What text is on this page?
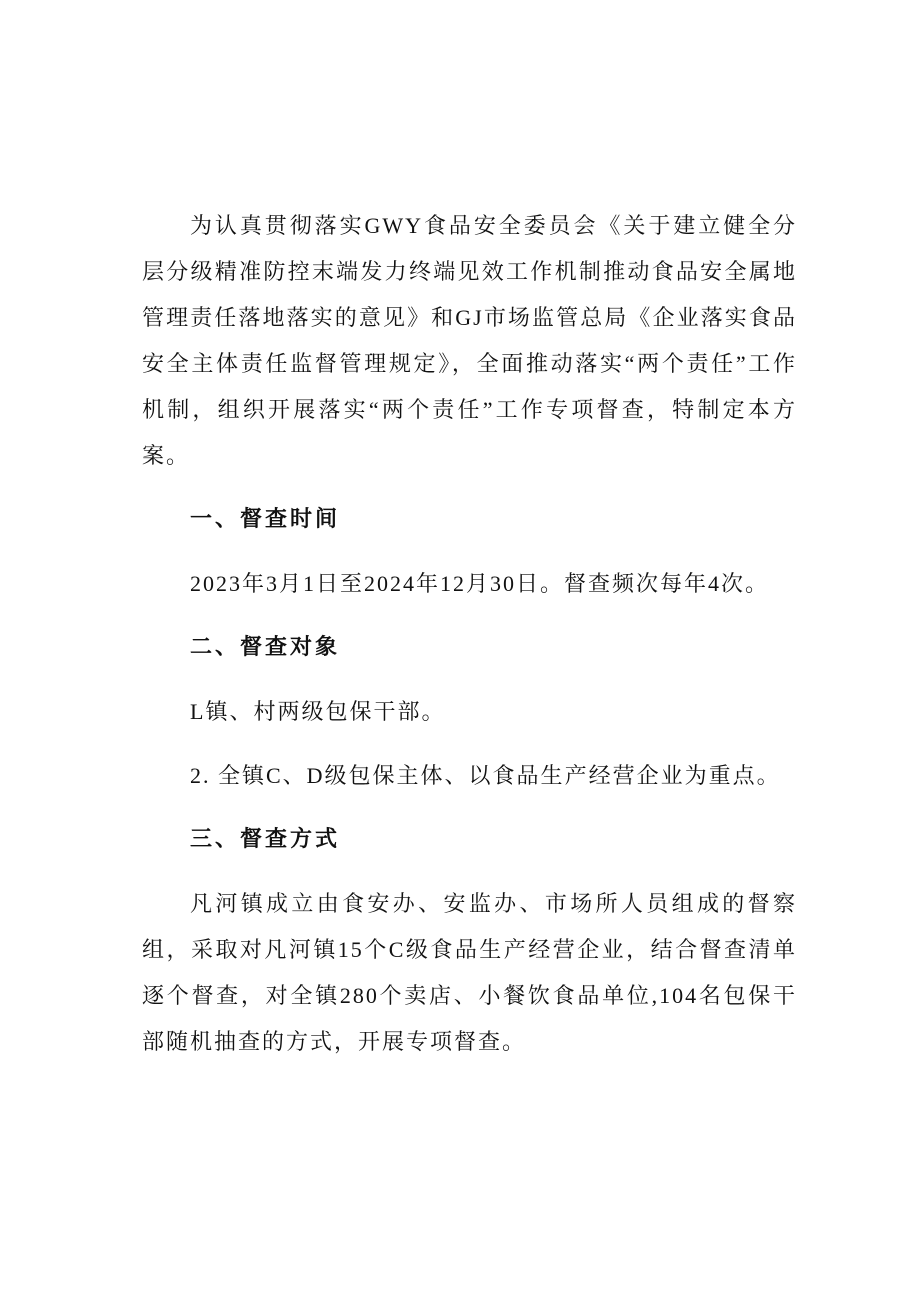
为认真贯彻落实GWY食品安全委员会《关于建立健全分层分级精准防控末端发力终端见效工作机制推动食品安全属地管理责任落地落实的意见》和GJ市场监管总局《企业落实食品安全主体责任监督管理规定》，全面推动落实“两个责任”工作机制，组织开展落实“两个责任”工作专项督查，特制定本方案。

一、督查时间

2023年3月1日至2024年12月30日。督查频次每年4次。

二、督查对象

L镇、村两级包保干部。

2. 全镇C、D级包保主体、以食品生产经营企业为重点。

三、督查方式

凡河镇成立由食安办、安监办、市场所人员组成的督察组，采取对凡河镇15个C级食品生产经营企业，结合督查清单逐个督查，对全镇280个卖店、小餐饮食品单位,104名包保干部随机抽查的方式，开展专项督查。
